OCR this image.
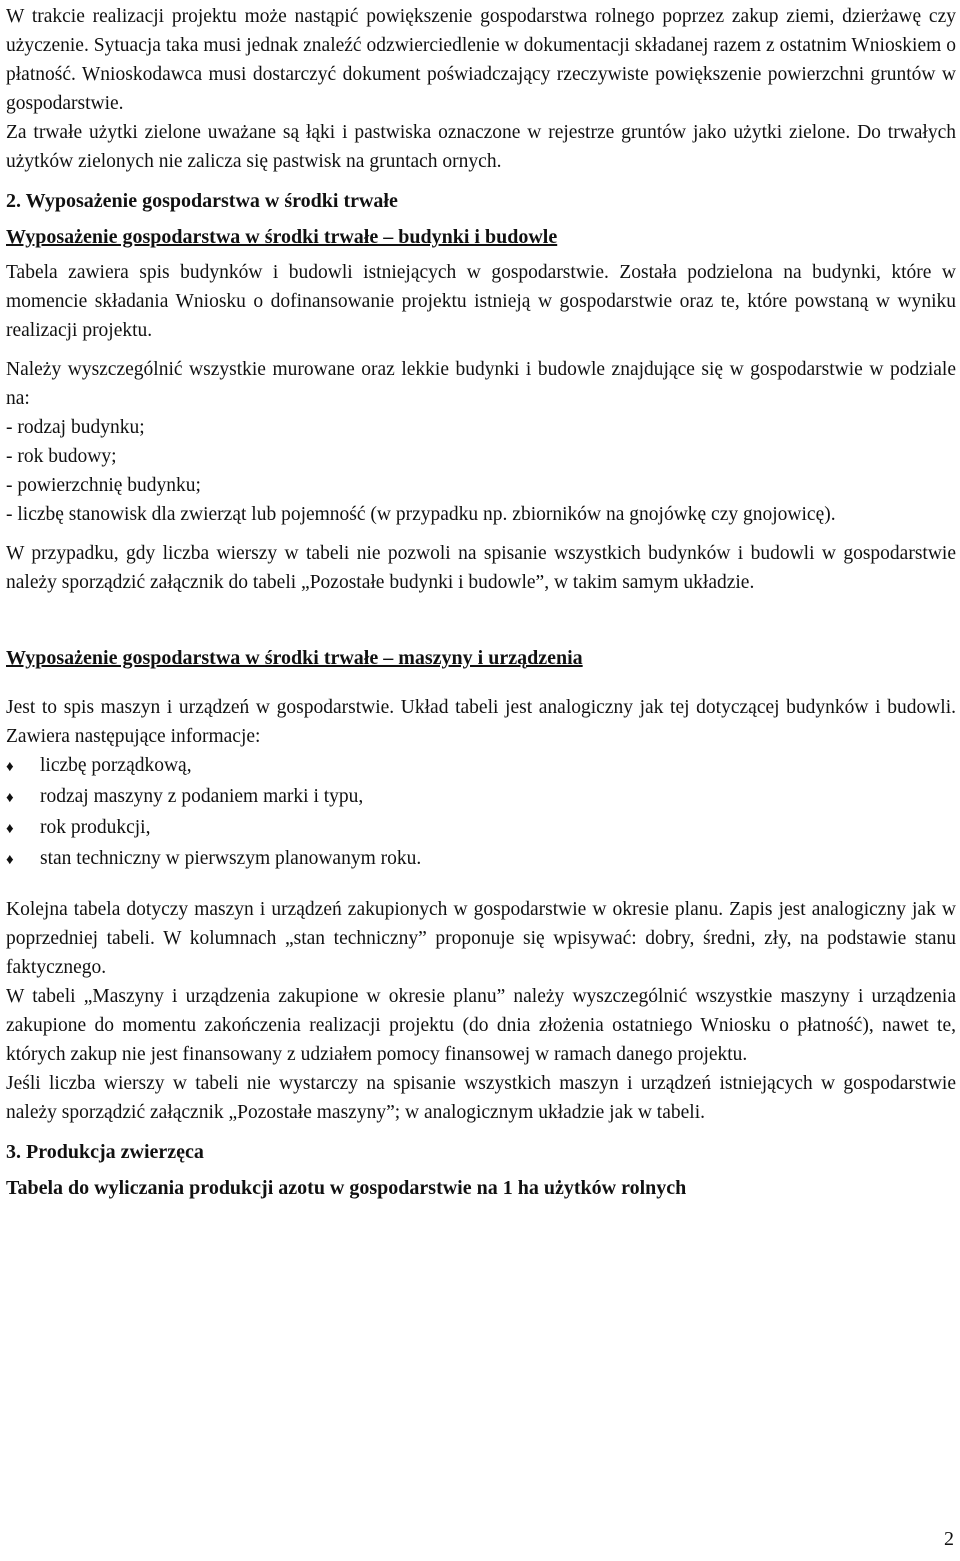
W trakcie realizacji projektu może nastąpić powiększenie gospodarstwa rolnego poprzez zakup ziemi, dzierżawę czy użyczenie. Sytuacja taka musi jednak znaleźć odzwierciedlenie w dokumentacji składanej razem z ostatnim Wnioskiem o płatność. Wnioskodawca musi dostarczyć dokument poświadczający rzeczywiste powiększenie powierzchni gruntów w gospodarstwie.

Za trwałe użytki zielone uważane są łąki i pastwiska oznaczone w rejestrze gruntów jako użytki zielone. Do trwałych użytków zielonych nie zalicza się pastwisk na gruntach ornych.

2. Wyposażenie gospodarstwa w środki trwałe
Wyposażenie gospodarstwa w środki trwałe – budynki i budowle

Tabela zawiera spis budynków i budowli istniejących w gospodarstwie. Została podzielona na budynki, które w momencie składania Wniosku o dofinansowanie projektu istnieją w gospodarstwie oraz te, które powstaną w wyniku realizacji projektu.

Należy wyszczególnić wszystkie murowane oraz lekkie budynki i budowle znajdujące się w gospodarstwie w podziale na:

- rodzaj budynku;

- rok budowy;

- powierzchnię budynku;

- liczbę stanowisk dla zwierząt lub pojemność (w przypadku np. zbiorników na gnojówkę czy gnojowicę).

W przypadku, gdy liczba wierszy w tabeli nie pozwoli na spisanie wszystkich budynków i budowli w gospodarstwie należy sporządzić załącznik do tabeli „Pozostałe budynki i budowle”, w takim samym układzie.

Wyposażenie gospodarstwa w środki trwałe – maszyny i urządzenia

Jest to spis maszyn i urządzeń w gospodarstwie. Układ tabeli jest analogiczny jak tej dotyczącej budynków i budowli. Zawiera następujące informacje:

♦	liczbę porządkową,
♦	rodzaj maszyny z podaniem marki i typu,
♦	rok produkcji,
♦	stan techniczny w pierwszym planowanym roku.

Kolejna tabela dotyczy maszyn i urządzeń zakupionych w gospodarstwie w okresie planu. Zapis jest analogiczny jak w poprzedniej tabeli. W kolumnach „stan techniczny” proponuje się wpisywać: dobry, średni, zły, na podstawie stanu faktycznego.

W tabeli „Maszyny i urządzenia zakupione w okresie planu” należy wyszczególnić wszystkie maszyny i urządzenia zakupione do momentu zakończenia realizacji projektu (do dnia złożenia ostatniego Wniosku o płatność), nawet te, których zakup nie jest finansowany z udziałem pomocy finansowej w ramach danego projektu.

Jeśli liczba wierszy w tabeli nie wystarczy na spisanie wszystkich maszyn i urządzeń istniejących w gospodarstwie należy sporządzić załącznik „Pozostałe maszyny”; w analogicznym układzie jak w tabeli.

3. Produkcja zwierzęca
Tabela do wyliczania produkcji azotu w gospodarstwie na 1 ha użytków rolnych
2
